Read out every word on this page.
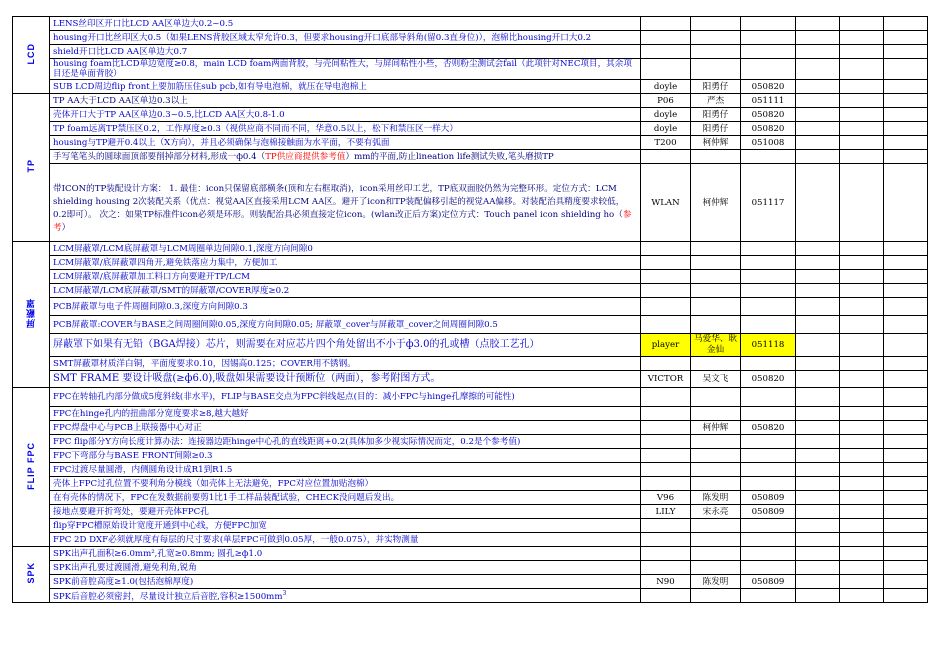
LCD	LENS丝印区开口比LCD AA区单边大0.2~0.5						
	housing开口比丝印区大0.5（如果LENS背胶区域太窄允许0.3，但要求housing开口底部导斜角(留0.3直身位)），泡棉比housing开口大0.2						
	shield开口比LCD AA区单边大0.7						
	housing foam比LCD单边宽度≥0.8，main LCD foam两面背胶，与壳间粘性大，与屏间粘性小些，否则粉尘测试会fail（此项针对NEC项目，其余项目还是单面背胶）						
	SUB LCD周边flip front上要加筋压住sub pcb,如有导电泡棉，就压在导电泡棉上	doyle	阳勇仔	050820			
TP	TP AA大于LCD AA区单边0.3以上	P06	严杰	051111			
	壳体开口大于TP AA区单边0.3~0.5,比LCD AA区大0.8-1.0	doyle	阳勇仔	050820			
	TP foam远离TP禁压区0.2，工作厚度≥0.3（视供应商不同而不同，华意0.5以上，松下和禁压区一样大）	doyle	阳勇仔	050820			
	housing与TP避开0.4以上（X方向），并且必须确保与泡棉接触面为水平面，不要有弧面	T200	柯仲辉	051008			
	手写笔笔头的圆球面顶部要削掉部分材料,形成一ф0.4（TP供应商提供参考值）mm的平面,防止lineation life测试失败,笔头磨损TP						
	带ICON的TP装配设计方案： 1. 最佳：icon只保留底部横条(顶和左右框取消)，icon采用丝印工艺，TP底双面胶仍然为完整环形。定位方式：LCM shielding housing 2次装配关系（优点：视觉AA区直接采用LCM AA区。避开了icon和TP装配偏移引起的视觉AA偏移。对装配治具精度要求较低，0.2即可）。 次之：如果TP标准件icon必须是环形。则装配治具必须直接定位icon。(wlan改正后方案)定位方式：Touch panel icon shielding ho（参考）	WLAN	柯仲辉	051117			
屏蔽罩	LCM屏蔽罩/LCM底屏蔽罩与LCM周圈单边间隙0.1,深度方向间隙0						
	LCM屏蔽罩/底屏蔽罩四角开,避免铁落应力集中，方便加工						
	LCM屏蔽罩/底屏蔽罩加工料口方向要避开TP/LCM						
	LCM屏蔽罩/LCM底屏蔽罩/SMT的屏蔽罩/COVER厚度≥0.2						
	PCB屏蔽罩与电子件周圈间隙0.3,深度方向间隙0.3						
	PCB屏蔽罩:COVER与BASE之间周圈间隙0.05,深度方向间隙0.05; 屏蔽罩_cover与屏蔽罩_cover之间周圈间隙0.5						
	屏蔽罩下如果有无铅（BGA焊接）芯片，则需要在对应芯片四个角处留出不小于ф3.0的孔或槽（点胶工艺孔）	player	马爱华、耿金仙	051118			
	SMT屏蔽罩材质洋白铜，平面度要求0.10，因锡高0.125；COVER用不锈钢。						
	SMT FRAME 要设计吸盘(≥ф6.0),吸盘如果需要设计预断位（两面），参考附图方式。	VICTOR	吴文飞	050820			
FLIP FPC	FPC在转轴孔内部分做成5度斜线(非水平)，FLIP与BASE交点为FPC斜线起点(目的：减小FPC与hinge孔摩擦的可能性)						
	FPC在hinge孔内的扭曲部分宽度要求≥8,越大越好						
	FPC焊盘中心与PCB上联接器中心对正		柯仲辉	050820			
	FPC flip部分Y方向长度计算办法：连接器边距hinge中心孔的直线距离+0.2(具体加多少视实际情况而定，0.2是个参考值)						
	FPC下弯部分与BASE FRONT间隙≥0.3						
	FPC过渡尽量圆滑，内侧圆角设计成R1到R1.5						
	壳体上FPC过孔位置不要利角分模线（如壳体上无法避免，FPC对应位置加贴泡棉）						
	在有壳体的情况下，FPC在发数据前要剪1比1手工样品装配试验，CHECK没问题后发出。	V96	陈发明	050809			
	接地点要避开折弯处，要避开壳体FPC孔	LILY	宋永亮	050809			
	flip穿FPC槽原始设计宽度开通到中心线，方便FPC加宽						
	FPC 2D DXF必须就厚度有每层的尺寸要求(单层FPC可做到0.05厚，一般0.075），并实物测量						
SPK	SPK出声孔面积≥6.0mm²,孔宽≥0.8mm; 圆孔≥ф1.0						
	SPK出声孔要过渡圆滑,避免利角,锐角						
	SPK前音腔高度≥1.0(包括泡棉厚度)	N90	陈发明	050809			
	SPK后音腔必须密封，尽量设计独立后音腔,容积$\ge 1500mm^3$						
